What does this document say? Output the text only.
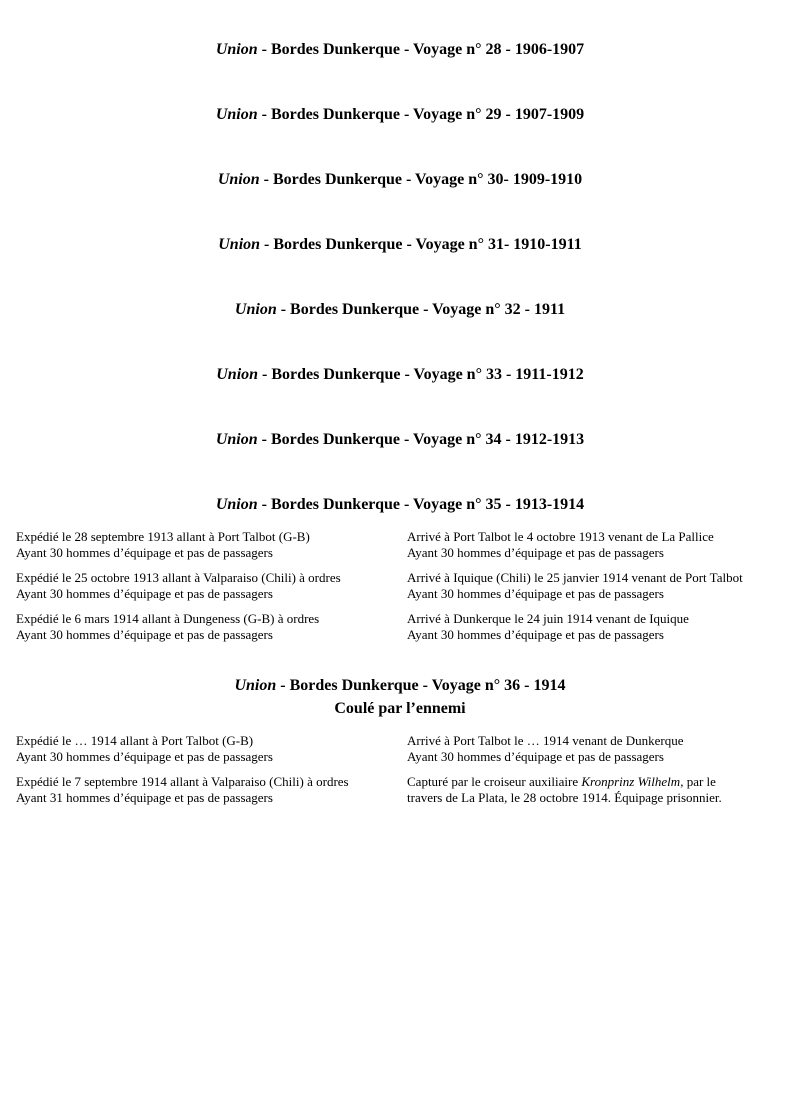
Union - Bordes Dunkerque - Voyage n° 28 - 1906-1907
Union - Bordes Dunkerque - Voyage n° 29 - 1907-1909
Union - Bordes Dunkerque - Voyage n° 30- 1909-1910
Union - Bordes Dunkerque - Voyage n° 31- 1910-1911
Union - Bordes Dunkerque - Voyage n° 32 - 1911
Union - Bordes Dunkerque - Voyage n° 33 - 1911-1912
Union - Bordes Dunkerque - Voyage n° 34 - 1912-1913
Union - Bordes Dunkerque - Voyage n° 35 - 1913-1914
Expédié le 28 septembre 1913 allant à Port Talbot (G-B)
Ayant 30 hommes d’équipage et pas de passagers
Arrivé à Port Talbot le 4 octobre 1913 venant de La Pallice
Ayant 30 hommes d’équipage et pas de passagers
Expédié le 25 octobre 1913 allant à Valparaiso (Chili) à ordres
Ayant 30 hommes d’équipage et pas de passagers
Arrivé à Iquique (Chili) le 25 janvier 1914 venant de Port Talbot
Ayant 30 hommes d’équipage et pas de passagers
Expédié le 6 mars 1914 allant à Dungeness (G-B) à ordres
Ayant 30 hommes d’équipage et pas de passagers
Arrivé à Dunkerque le 24 juin 1914 venant de Iquique
Ayant 30 hommes d’équipage et pas de passagers
Union - Bordes Dunkerque - Voyage n° 36 - 1914
Coulé par l’ennemi
Expédié le … 1914 allant à Port Talbot (G-B)
Ayant 30 hommes d’équipage et pas de passagers
Arrivé à Port Talbot le … 1914 venant de Dunkerque
Ayant 30 hommes d’équipage et pas de passagers
Expédié le 7 septembre 1914 allant à Valparaiso (Chili) à ordres
Ayant 31 hommes d’équipage et pas de passagers
Capturé par le croiseur auxiliaire Kronprinz Wilhelm, par le
travers de La Plata, le 28 octobre 1914. Équipage prisonnier.
